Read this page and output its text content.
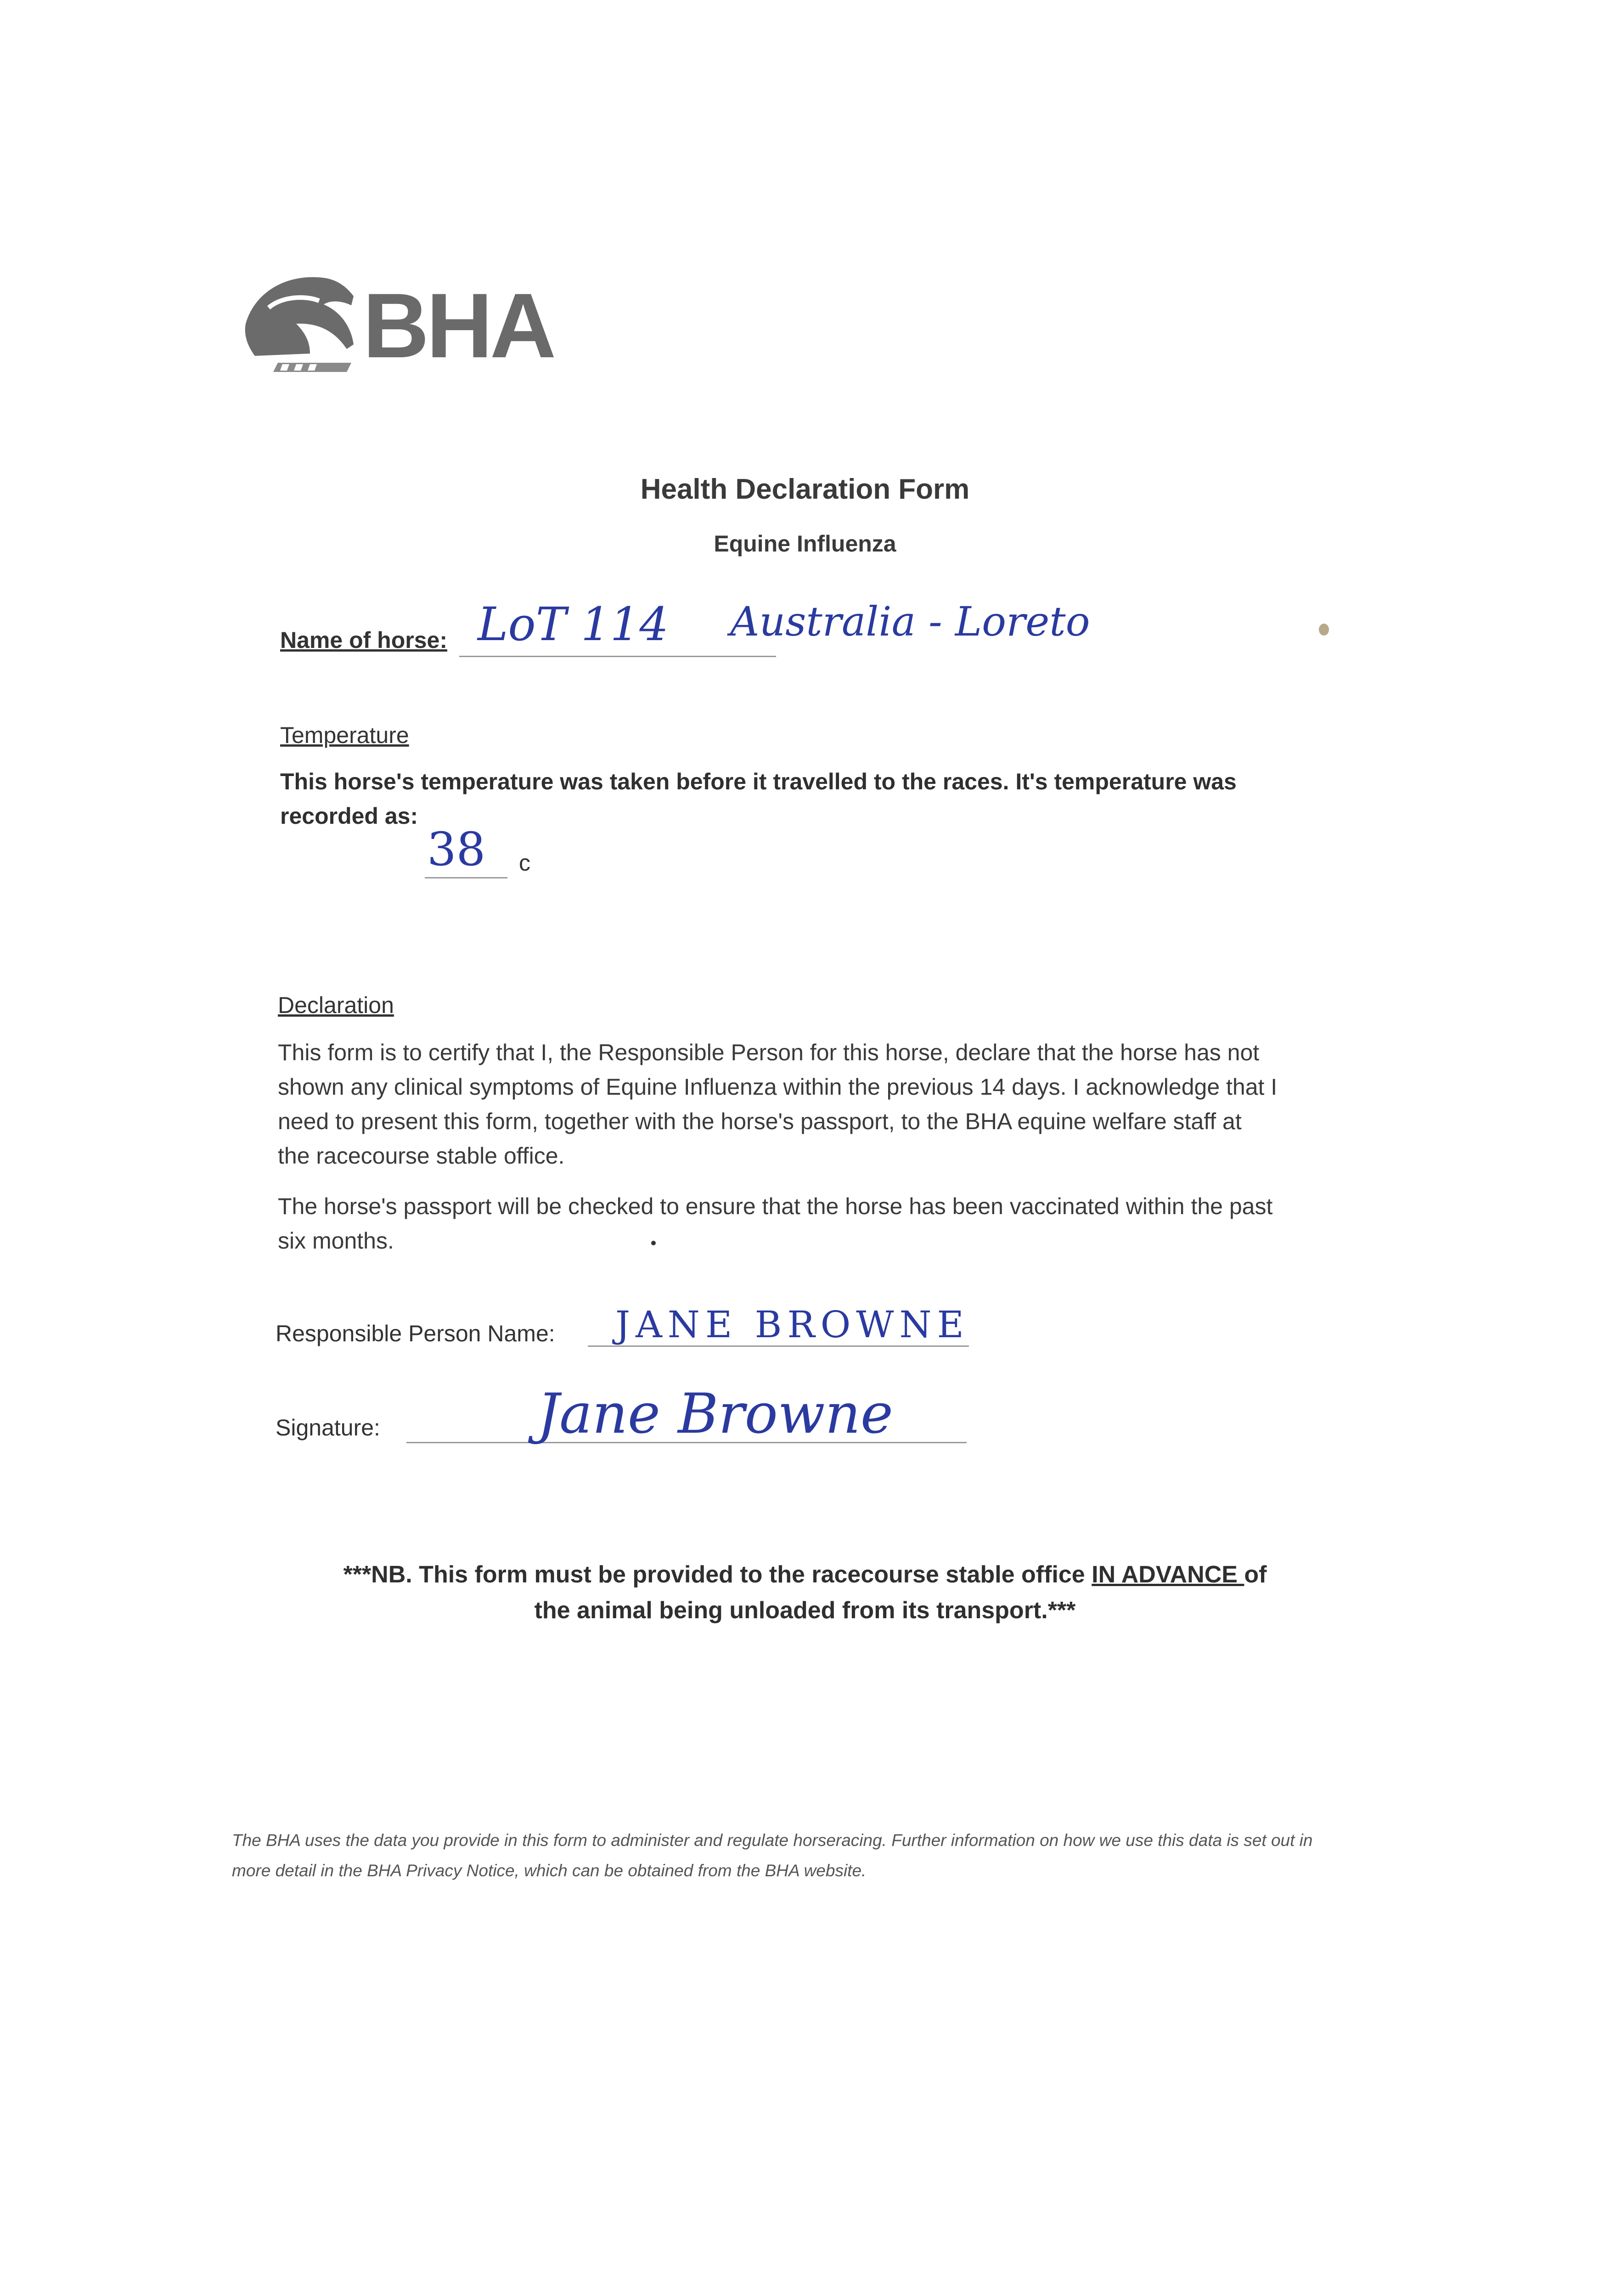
BHA
Health Declaration Form
Equine Influenza
Name of horse: LoT 114 Australia - Loreto
Temperature
This horse's temperature was taken before it travelled to the races. It's temperature was recorded as:
38 c
Declaration
This form is to certify that I, the Responsible Person for this horse, declare that the horse has not shown any clinical symptoms of Equine Influenza within the previous 14 days. I acknowledge that I need to present this form, together with the horse's passport, to the BHA equine welfare staff at the racecourse stable office.
The horse's passport will be checked to ensure that the horse has been vaccinated within the past six months.
Responsible Person Name: JANE BROWNE
Signature:	Jane Browne
***NB. This form must be provided to the racecourse stable office IN ADVANCE of the animal being unloaded from its transport.***
The BHA uses the data you provide in this form to administer and regulate horseracing. Further information on how we use this data is set out in more detail in the BHA Privacy Notice, which can be obtained from the BHA website.
